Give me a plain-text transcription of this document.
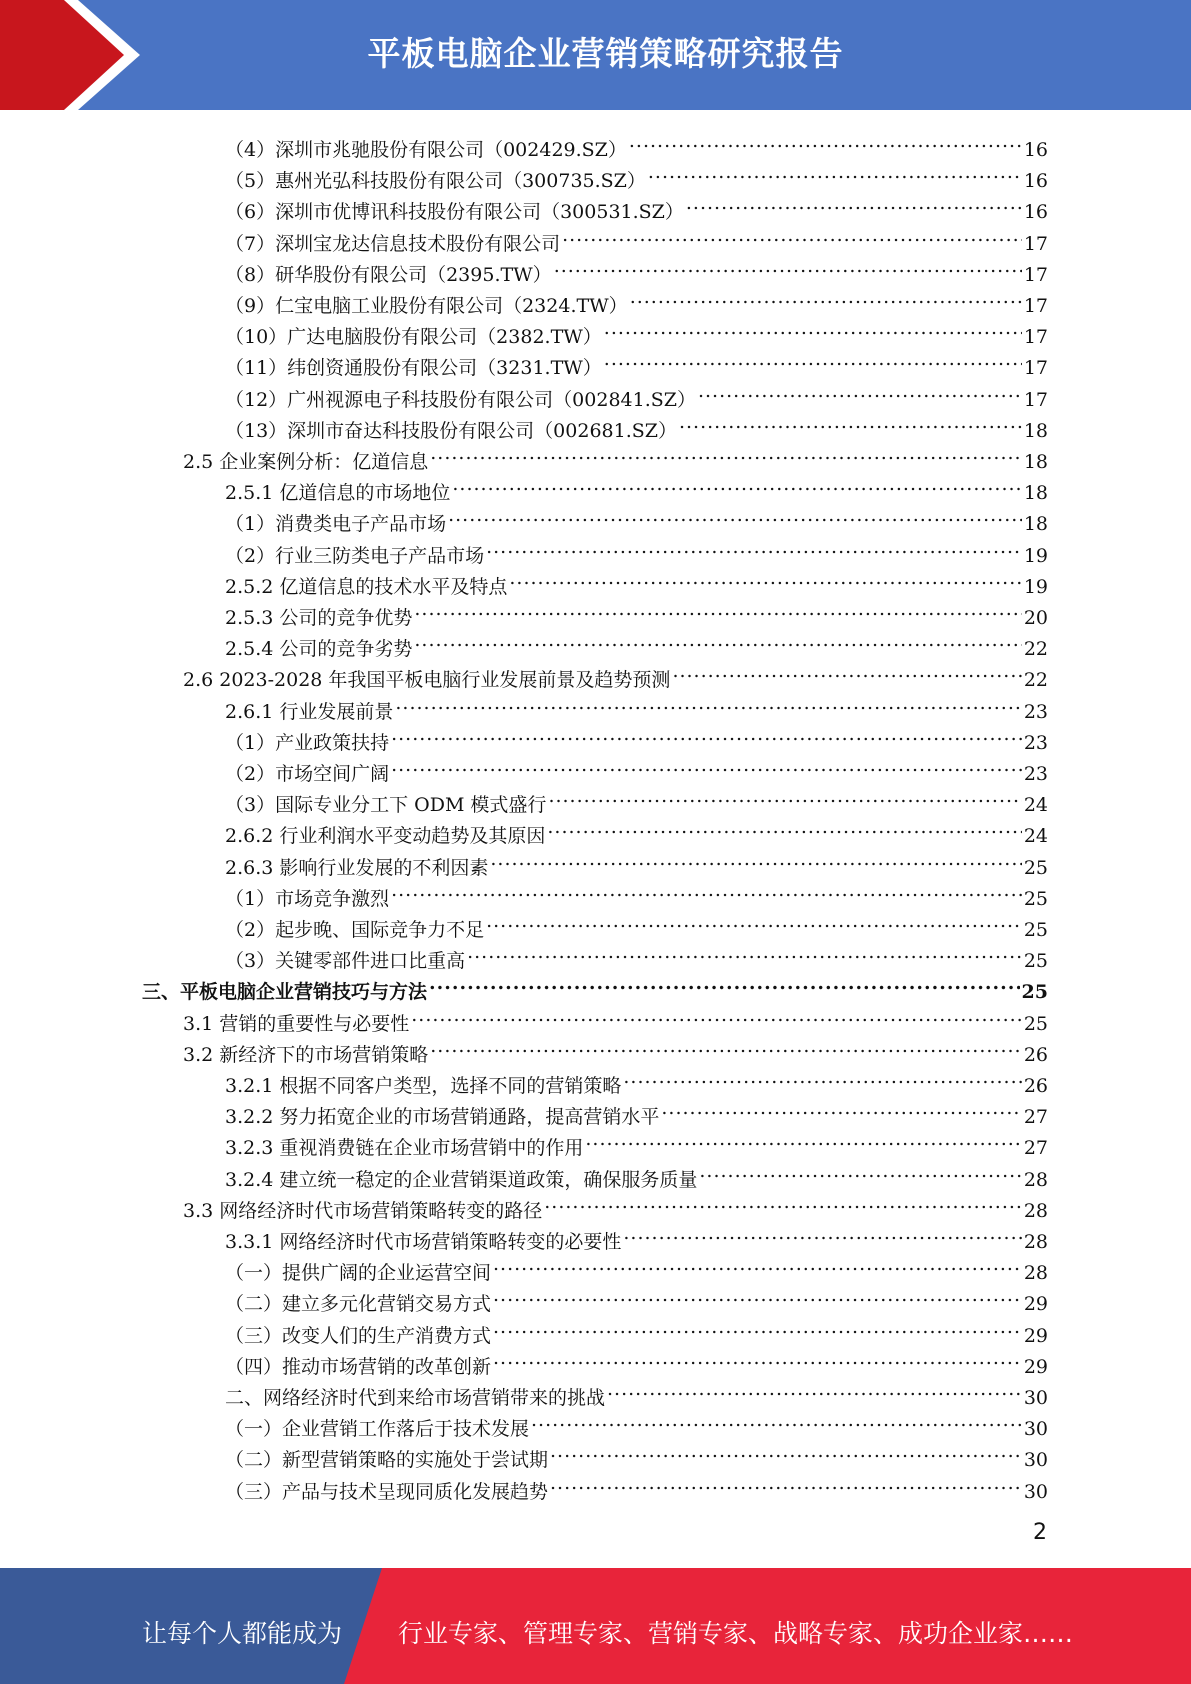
平板电脑企业营销策略研究报告
（4）深圳市兆驰股份有限公司（002429.SZ） .....	16
（5）惠州光弘科技股份有限公司（300735.SZ） .....	16
（6）深圳市优博讯科技股份有限公司（300531.SZ） .....	16
（7）深圳宝龙达信息技术股份有限公司 .....	17
（8）研华股份有限公司（2395.TW） .....	17
（9）仁宝电脑工业股份有限公司（2324.TW） .....	17
（10）广达电脑股份有限公司（2382.TW） .....	17
（11）纬创资通股份有限公司（3231.TW） .....	17
（12）广州视源电子科技股份有限公司（002841.SZ） .....	17
（13）深圳市奋达科技股份有限公司（002681.SZ） .....	18
2.5 企业案例分析：亿道信息 .....	18
2.5.1 亿道信息的市场地位 .....	18
（1）消费类电子产品市场 .....	18
（2）行业三防类电子产品市场 .....	19
2.5.2 亿道信息的技术水平及特点 .....	19
2.5.3 公司的竞争优势 .....	20
2.5.4 公司的竞争劣势 .....	22
2.6 2023-2028 年我国平板电脑行业发展前景及趋势预测 .....	22
2.6.1 行业发展前景 .....	23
（1）产业政策扶持 .....	23
（2）市场空间广阔 .....	23
（3）国际专业分工下 ODM 模式盛行 .....	24
2.6.2 行业利润水平变动趋势及其原因 .....	24
2.6.3 影响行业发展的不利因素 .....	25
（1）市场竞争激烈 .....	25
（2）起步晚、国际竞争力不足 .....	25
（3）关键零部件进口比重高 .....	25
三、平板电脑企业营销技巧与方法 .....	25
3.1 营销的重要性与必要性 .....	25
3.2 新经济下的市场营销策略 .....	26
3.2.1 根据不同客户类型，选择不同的营销策略 .....	26
3.2.2 努力拓宽企业的市场营销通路，提高营销水平 .....	27
3.2.3 重视消费链在企业市场营销中的作用 .....	27
3.2.4 建立统一稳定的企业营销渠道政策，确保服务质量 .....	28
3.3 网络经济时代市场营销策略转变的路径 .....	28
3.3.1 网络经济时代市场营销策略转变的必要性 .....	28
（一）提供广阔的企业运营空间 .....	28
（二）建立多元化营销交易方式 .....	29
（三）改变人们的生产消费方式 .....	29
（四）推动市场营销的改革创新 .....	29
二、网络经济时代到来给市场营销带来的挑战 .....	30
（一）企业营销工作落后于技术发展 .....	30
（二）新型营销策略的实施处于尝试期 .....	30
（三）产品与技术呈现同质化发展趋势 .....	30
2
让每个人都能成为 行业专家、管理专家、营销专家、战略专家、成功企业家……
